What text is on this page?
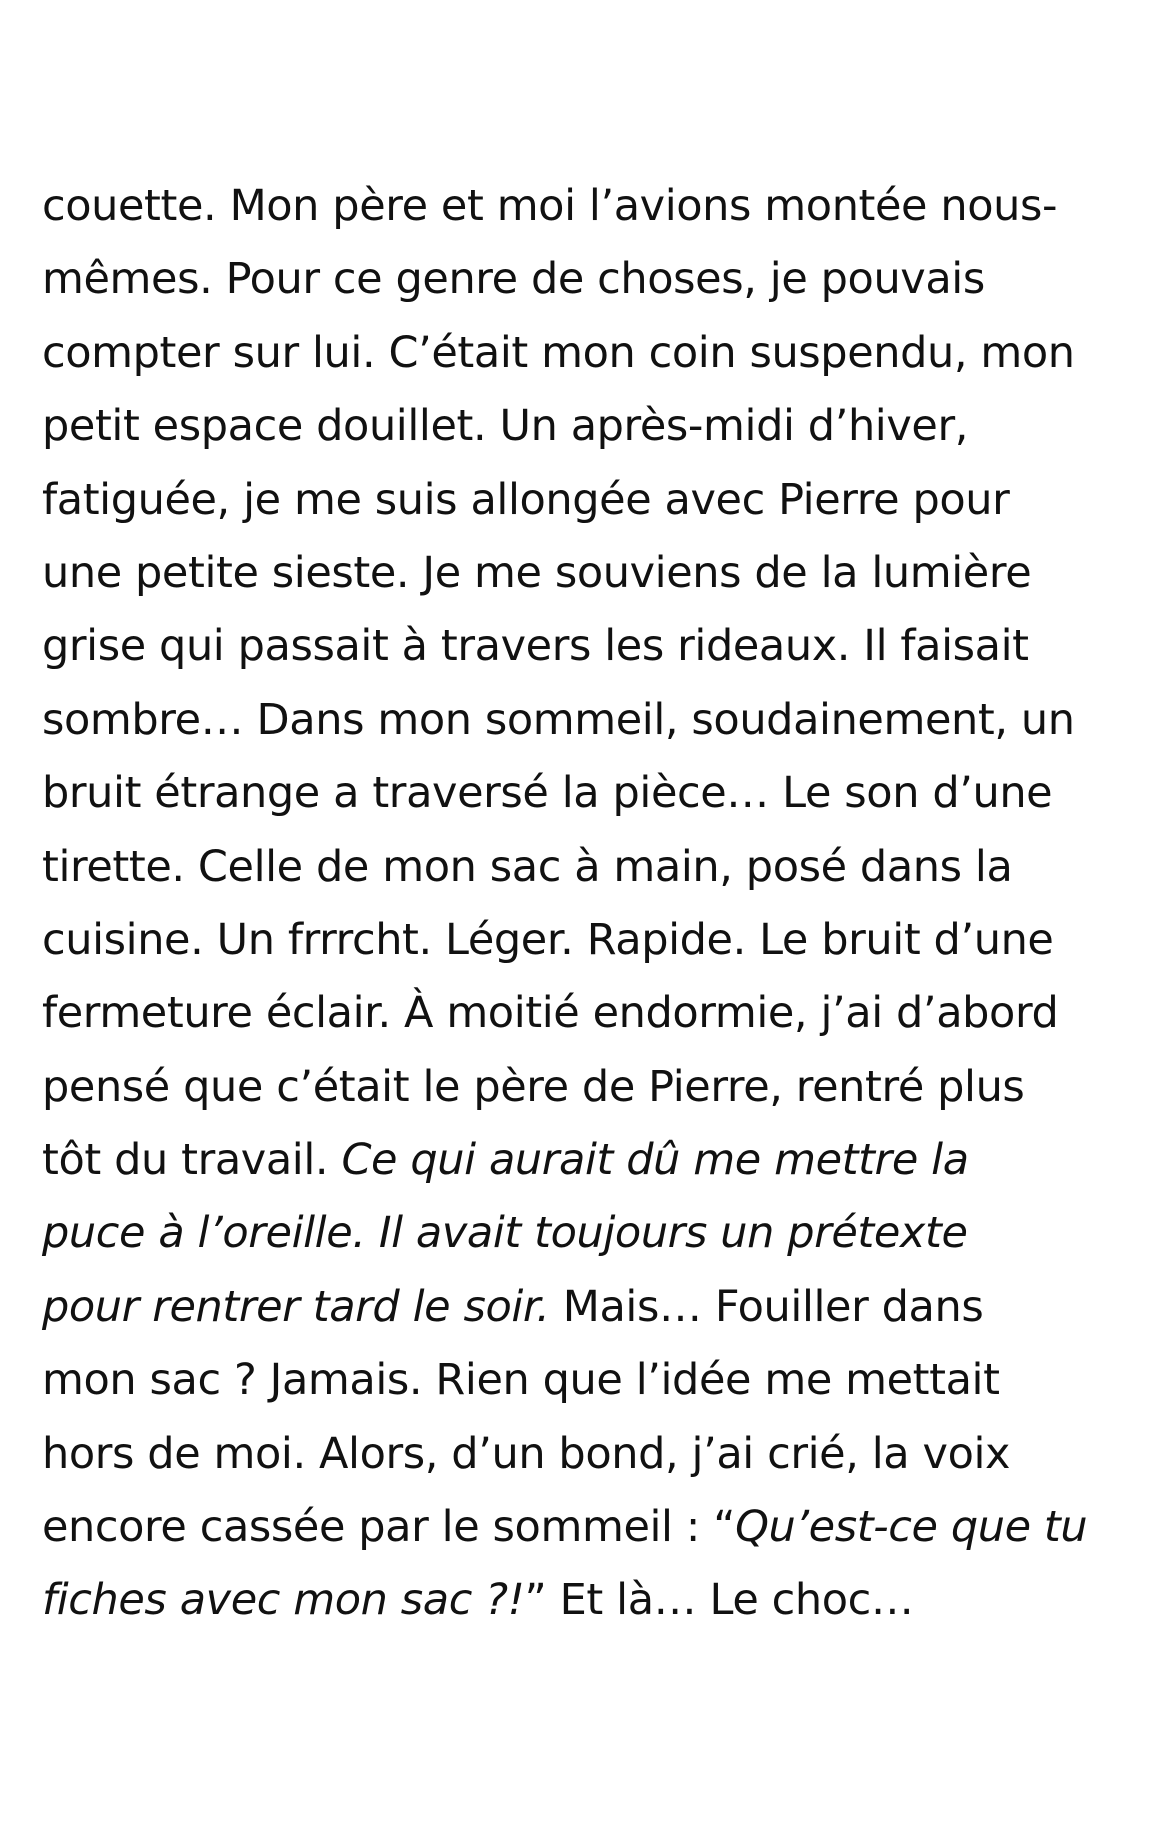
couette. Mon père et moi l’avions montée nous-
mêmes. Pour ce genre de choses, je pouvais
compter sur lui. C’était mon coin suspendu, mon
petit espace douillet. Un après-midi d’hiver,
fatiguée, je me suis allongée avec Pierre pour
une petite sieste. Je me souviens de la lumière
grise qui passait à travers les rideaux. Il faisait
sombre… Dans mon sommeil, soudainement, un
bruit étrange a traversé la pièce… Le son d’une
tirette. Celle de mon sac à main, posé dans la
cuisine. Un frrrcht. Léger. Rapide. Le bruit d’une
fermeture éclair. À moitié endormie, j’ai d’abord
pensé que c’était le père de Pierre, rentré plus
tôt du travail. Ce qui aurait dû me mettre la
puce à l’oreille. Il avait toujours un prétexte
pour rentrer tard le soir. Mais… Fouiller dans
mon sac ? Jamais. Rien que l’idée me mettait
hors de moi. Alors, d’un bond, j’ai crié, la voix
encore cassée par le sommeil : “Qu’est-ce que tu
fiches avec mon sac ?!” Et là… Le choc…
